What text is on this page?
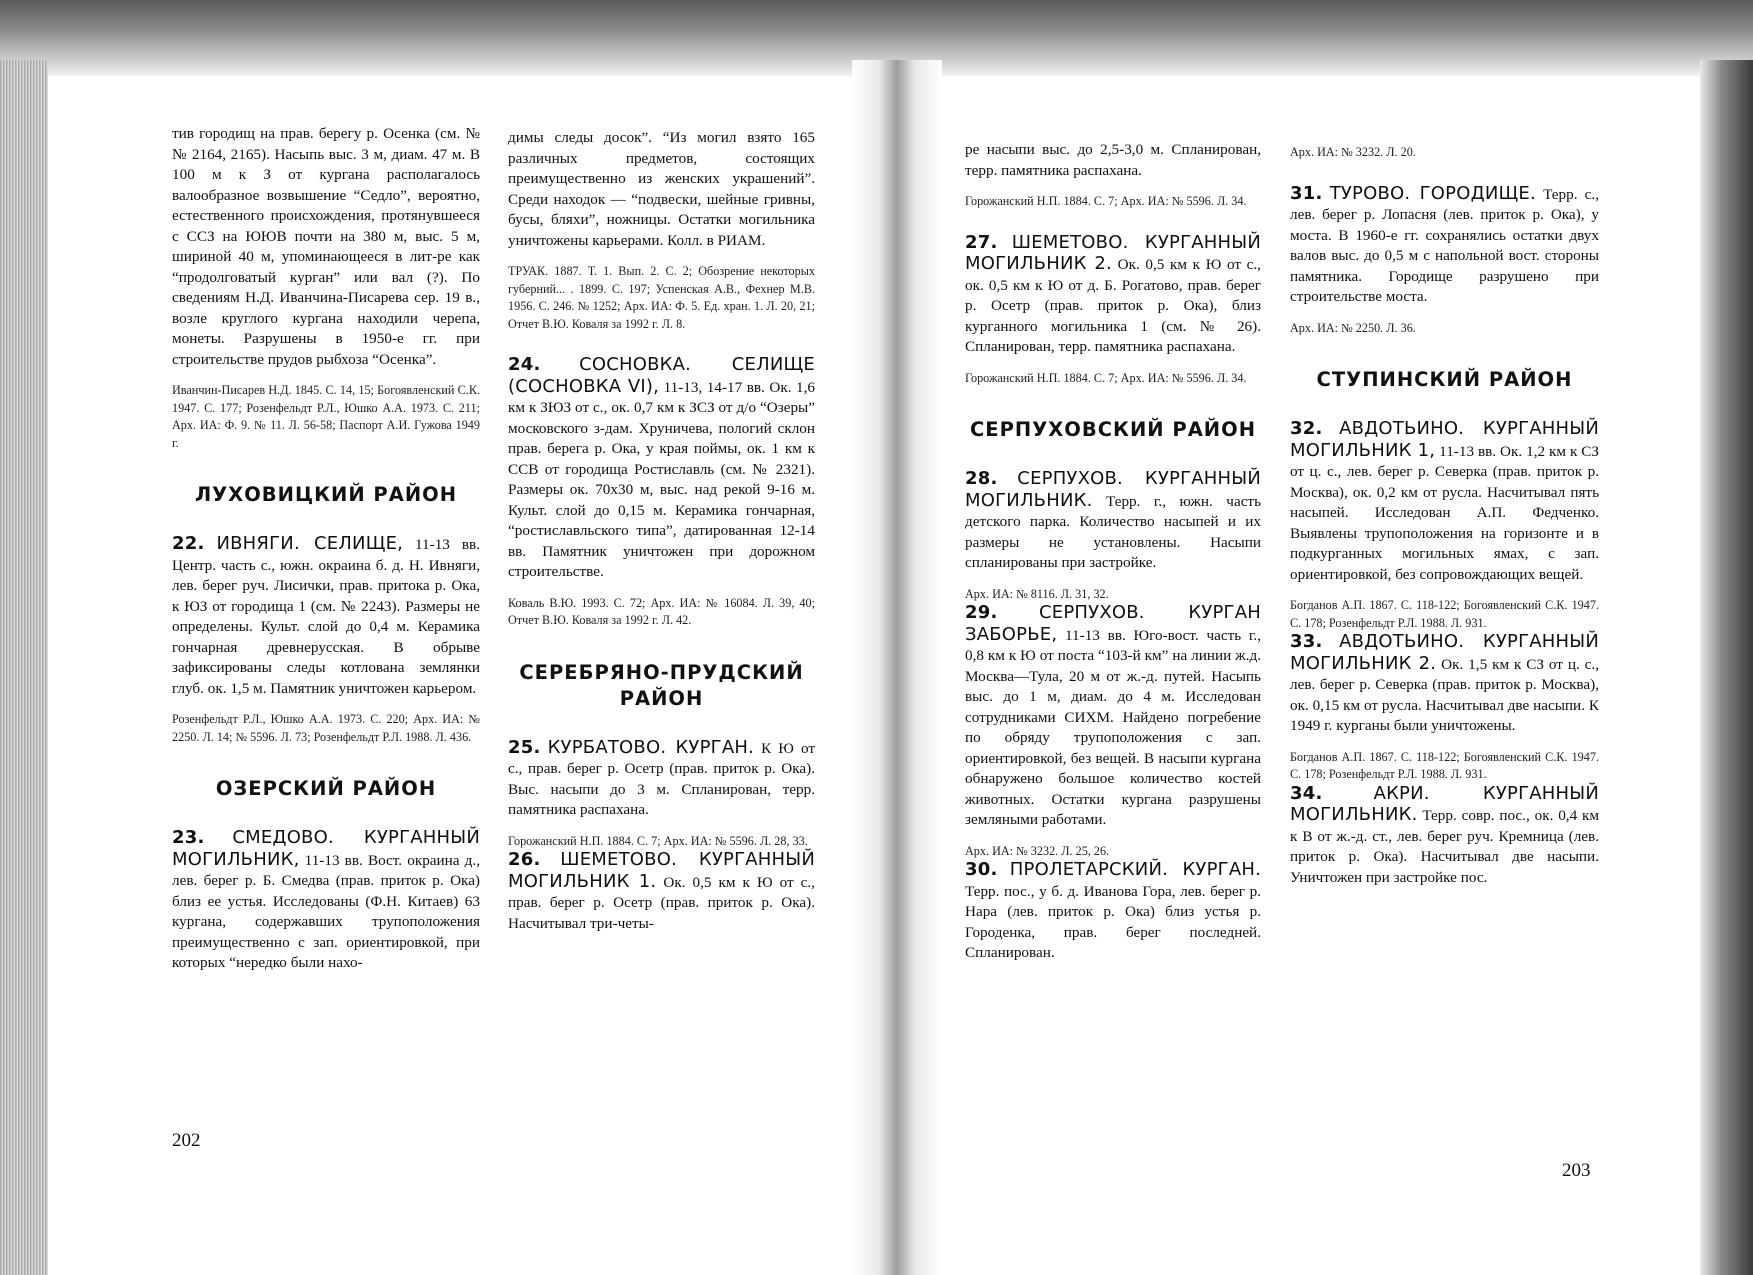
тив городищ на прав. берегу р. Осенка (см. №№ 2164, 2165). Насыпь выс. 3 м, диам. 47 м. В 100 м к З от кургана располагалось валообразное возвышение “Седло”, вероятно, естественного происхождения, протянувшееся с ССЗ на ЮЮВ почти на 380 м, выс. 5 м, шириной 40 м, упоминающееся в лит-ре как “продолговатый курган” или вал (?). По сведениям Н.Д. Иванчина-Писарева сер. 19 в., возле круглого кургана находили черепа, монеты. Разрушены в 1950-е гг. при строительстве прудов рыбхоза “Осенка”.

Иванчин-Писарев Н.Д. 1845. С. 14, 15; Богоявленский С.К. 1947. С. 177; Розенфельдт Р.Л., Юшко А.А. 1973. С. 211; Арх. ИА: Ф. 9. № 11. Л. 56-58; Паспорт А.И. Гужова 1949 г.

ЛУХОВИЦКИЙ РАЙОН

22. ИВНЯГИ. СЕЛИЩЕ, 11-13 вв. Центр. часть с., южн. окраина б. д. Н. Ивняги, лев. берег руч. Лисички, прав. притока р. Ока, к ЮЗ от городища 1 (см. № 2243). Размеры не определены. Культ. слой до 0,4 м. Керамика гончарная древнерусская. В обрыве зафиксированы следы котлована землянки глуб. ок. 1,5 м. Памятник уничтожен карьером.

Розенфельдт Р.Л., Юшко А.А. 1973. С. 220; Арх. ИА: № 2250. Л. 14; № 5596. Л. 73; Розенфельдт Р.Л. 1988. Л. 436.

ОЗЕРСКИЙ РАЙОН

23. СМЕДОВО. КУРГАННЫЙ МОГИЛЬНИК, 11-13 вв. Вост. окраина д., лев. берег р. Б. Смедва (прав. приток р. Ока) близ ее устья. Исследованы (Ф.Н. Китаев) 63 кургана, содержавших трупоположения преимущественно с зап. ориентировкой, при которых “нередко были нахо-

димы следы досок”. “Из могил взято 165 различных предметов, состоящих преимущественно из женских украшений”. Среди находок — “подвески, шейные гривны, бусы, бляхи”, ножницы. Остатки могильника уничтожены карьерами. Колл. в РИАМ.

ТРУАК. 1887. Т. 1. Вып. 2. С. 2; Обозрение некоторых губерний... . 1899. С. 197; Успенская А.В., Фехнер М.В. 1956. С. 246. № 1252; Арх. ИА: Ф. 5. Ед. хран. 1. Л. 20, 21; Отчет В.Ю. Коваля за 1992 г. Л. 8.

24. СОСНОВКА. СЕЛИЩЕ (СОСНОВКА VI), 11-13, 14-17 вв. Ок. 1,6 км к ЗЮЗ от с., ок. 0,7 км к ЗСЗ от д/о “Озеры” московского з-дам. Хруничева, пологий склон прав. берега р. Ока, у края поймы, ок. 1 км к ССВ от городища Ростиславль (см. № 2321). Размеры ок. 70х30 м, выс. над рекой 9-16 м. Культ. слой до 0,15 м. Керамика гончарная, “ростиславльского типа”, датированная 12-14 вв. Памятник уничтожен при дорожном строительстве.

Коваль В.Ю. 1993. С. 72; Арх. ИА: № 16084. Л. 39, 40; Отчет В.Ю. Коваля за 1992 г. Л. 42.

СЕРЕБРЯНО-ПРУДСКИЙ РАЙОН

25. КУРБАТОВО. КУРГАН. К Ю от с., прав. берег р. Осетр (прав. приток р. Ока). Выс. насыпи до 3 м. Спланирован, терр. памятника распахана.

Горожанский Н.П. 1884. С. 7; Арх. ИА: № 5596. Л. 28, 33.

26. ШЕМЕТОВО. КУРГАННЫЙ МОГИЛЬНИК 1. Ок. 0,5 км к Ю от с., прав. берег р. Осетр (прав. приток р. Ока). Насчитывал три-четы-

202

ре насыпи выс. до 2,5-3,0 м. Спланирован, терр. памятника распахана.

Горожанский Н.П. 1884. С. 7; Арх. ИА: № 5596. Л. 34.

27. ШЕМЕТОВО. КУРГАННЫЙ МОГИЛЬНИК 2. Ок. 0,5 км к Ю от с., ок. 0,5 км к Ю от д. Б. Рогатово, прав. берег р. Осетр (прав. приток р. Ока), близ курганного могильника 1 (см. № 26). Спланирован, терр. памятника распахана.

Горожанский Н.П. 1884. С. 7; Арх. ИА: № 5596. Л. 34.

СЕРПУХОВСКИЙ РАЙОН

28. СЕРПУХОВ. КУРГАННЫЙ МОГИЛЬНИК. Терр. г., южн. часть детского парка. Количество насыпей и их размеры не установлены. Насыпи спланированы при застройке.

Арх. ИА: № 8116. Л. 31, 32.

29. СЕРПУХОВ. КУРГАН ЗАБОРЬЕ, 11-13 вв. Юго-вост. часть г., 0,8 км к Ю от поста “103-й км” на линии ж.д. Москва—Тула, 20 м от ж.-д. путей. Насыпь выс. до 1 м, диам. до 4 м. Исследован сотрудниками СИХМ. Найдено погребение по обряду трупоположения с зап. ориентировкой, без вещей. В насыпи кургана обнаружено большое количество костей животных. Остатки кургана разрушены земляными работами.

Арх. ИА: № 3232. Л. 25, 26.

30. ПРОЛЕТАРСКИЙ. КУРГАН. Терр. пос., у б. д. Иванова Гора, лев. берег р. Нара (лев. приток р. Ока) близ устья р. Городенка, прав. берег последней. Спланирован.

Арх. ИА: № 3232. Л. 20.

31. ТУРОВО. ГОРОДИЩЕ. Терр. с., лев. берег р. Лопасня (лев. приток р. Ока), у моста. В 1960-е гг. сохранялись остатки двух валов выс. до 0,5 м с напольной вост. стороны памятника. Городище разрушено при строительстве моста.

Арх. ИА: № 2250. Л. 36.

СТУПИНСКИЙ РАЙОН

32. АВДОТЬИНО. КУРГАННЫЙ МОГИЛЬНИК 1, 11-13 вв. Ок. 1,2 км к СЗ от ц. с., лев. берег р. Северка (прав. приток р. Москва), ок. 0,2 км от русла. Насчитывал пять насыпей. Исследован А.П. Федченко. Выявлены трупоположения на горизонте и в подкурганных могильных ямах, с зап. ориентировкой, без сопровождающих вещей.

Богданов А.П. 1867. С. 118-122; Богоявленский С.К. 1947. С. 178; Розенфельдт Р.Л. 1988. Л. 931.

33. АВДОТЬИНО. КУРГАННЫЙ МОГИЛЬНИК 2. Ок. 1,5 км к СЗ от ц. с., лев. берег р. Северка (прав. приток р. Москва), ок. 0,15 км от русла. Насчитывал две насыпи. К 1949 г. курганы были уничтожены.

Богданов А.П. 1867. С. 118-122; Богоявленский С.К. 1947. С. 178; Розенфельдт Р.Л. 1988. Л. 931.

34.	АКРИ. КУРГАННЫЙ МОГИЛЬНИК. Терр. совр. пос., ок. 0,4 км к В от ж.-д. ст., лев. берег руч. Кремница (лев. приток р. Ока). Насчитывал две насыпи. Уничтожен при застройке пос.

203
